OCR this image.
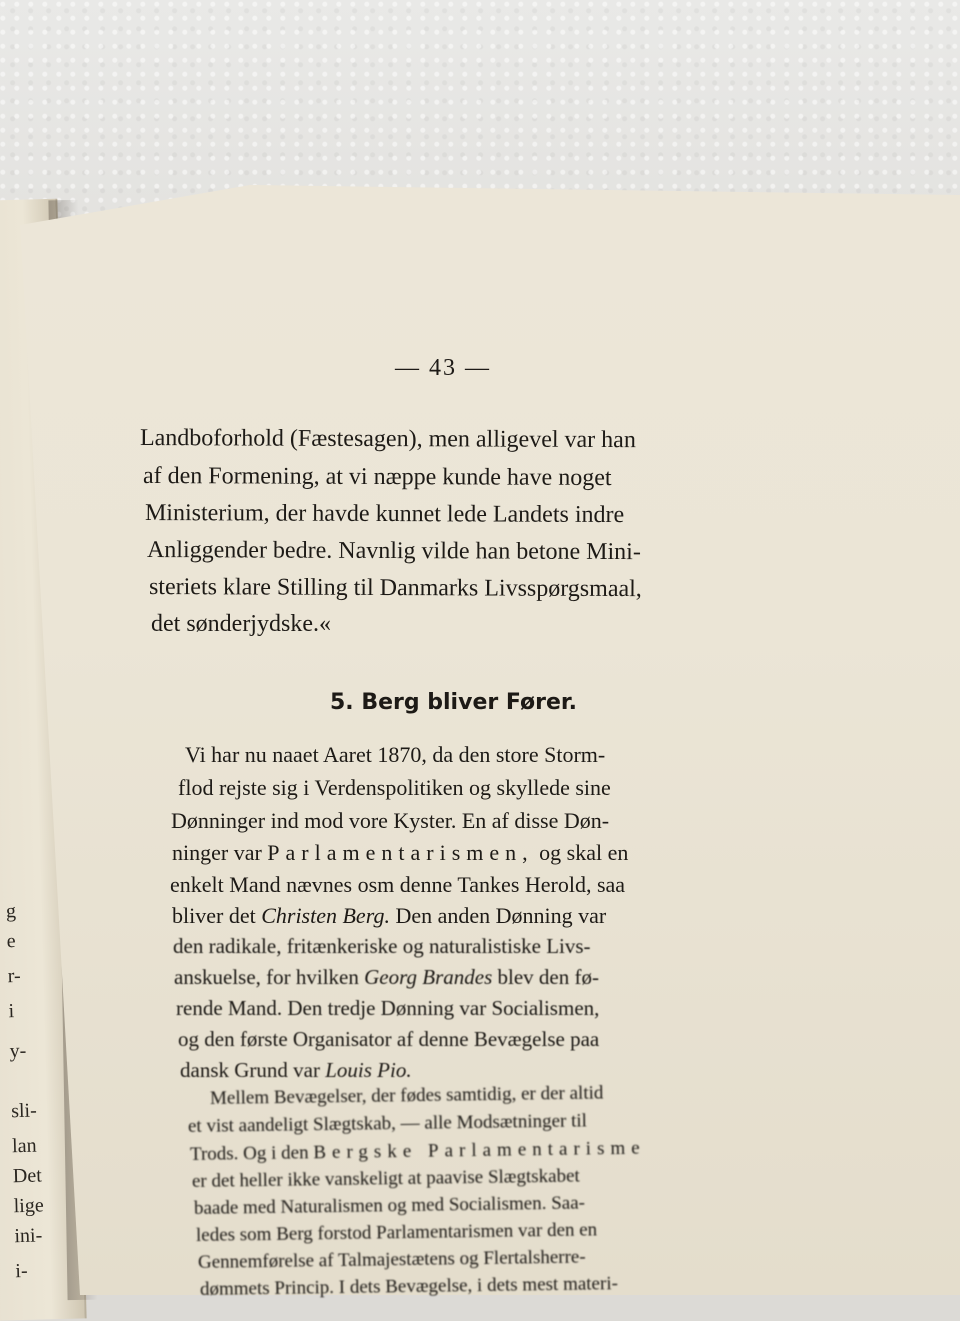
g
e
r-
i
y-
sli-
lan
Det
lige
ini-
i-
— 43 —
Landboforhold (Fæstesagen), men alligevel var han
af den Formening, at vi næppe kunde have noget
Ministerium, der havde kunnet lede Landets indre
Anliggender bedre. Navnlig vilde han betone Mini-
steriets klare Stilling til Danmarks Livsspørgsmaal,
det sønderjydske.«
5. Berg bliver Fører.
Vi har nu naaet Aaret 1870, da den store Storm-
flod rejste sig i Verdenspolitiken og skyllede sine
Dønninger ind mod vore Kyster. En af disse Døn-
ninger var Parlamentarismen, og skal en
enkelt Mand nævnes osm denne Tankes Herold, saa
bliver det Christen Berg. Den anden Dønning var
den radikale, fritænkeriske og naturalistiske Livs-
anskuelse, for hvilken Georg Brandes blev den fø-
rende Mand. Den tredje Dønning var Socialismen,
og den første Organisator af denne Bevægelse paa
dansk Grund var Louis Pio.
Mellem Bevægelser, der fødes samtidig, er der altid
et vist aandeligt Slægtskab, — alle Modsætninger til
Trods. Og i den Bergske Parlamentarisme
er det heller ikke vanskeligt at paavise Slægtskabet
baade med Naturalismen og med Socialismen. Saa-
ledes som Berg forstod Parlamentarismen var den en
Gennemførelse af Talmajestætens og Flertalsherre-
dømmets Princip. I dets Bevægelse, i dets mest materi-
